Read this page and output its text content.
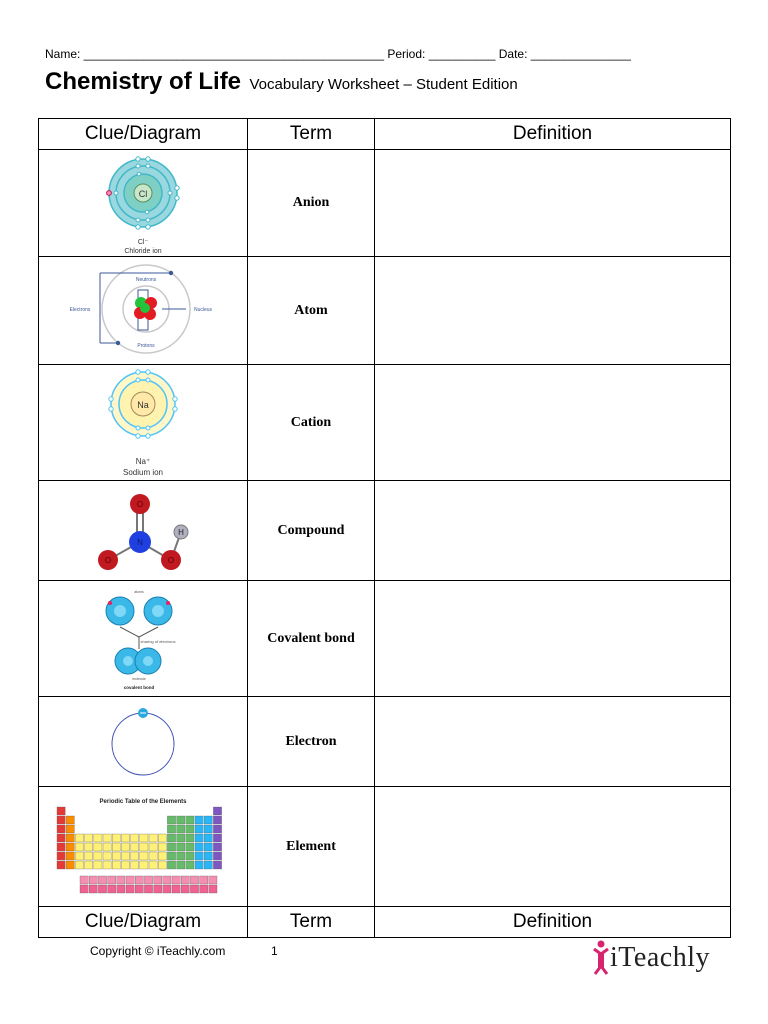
Name: _____________________________________________ Period: __________ Date: _______________
Chemistry of Life Vocabulary Worksheet – Student Edition
Clue/Diagram	Term	Definition

Cl
Cl⁻
Chloride ion	Anion	

Neutrons
Electrons Nucleus
Protons	Atom	

Na
Na⁺
Sodium ion	Cation	

O
N
O O
H	Compound	

atoms
sharing of electrons
molecule
covalent bond	Covalent bond	

	Electron	

Periodic Table of the Elements	Element	
Clue/Diagram	Term	Definition
Copyright © iTeachly.com	1	iTeachly
